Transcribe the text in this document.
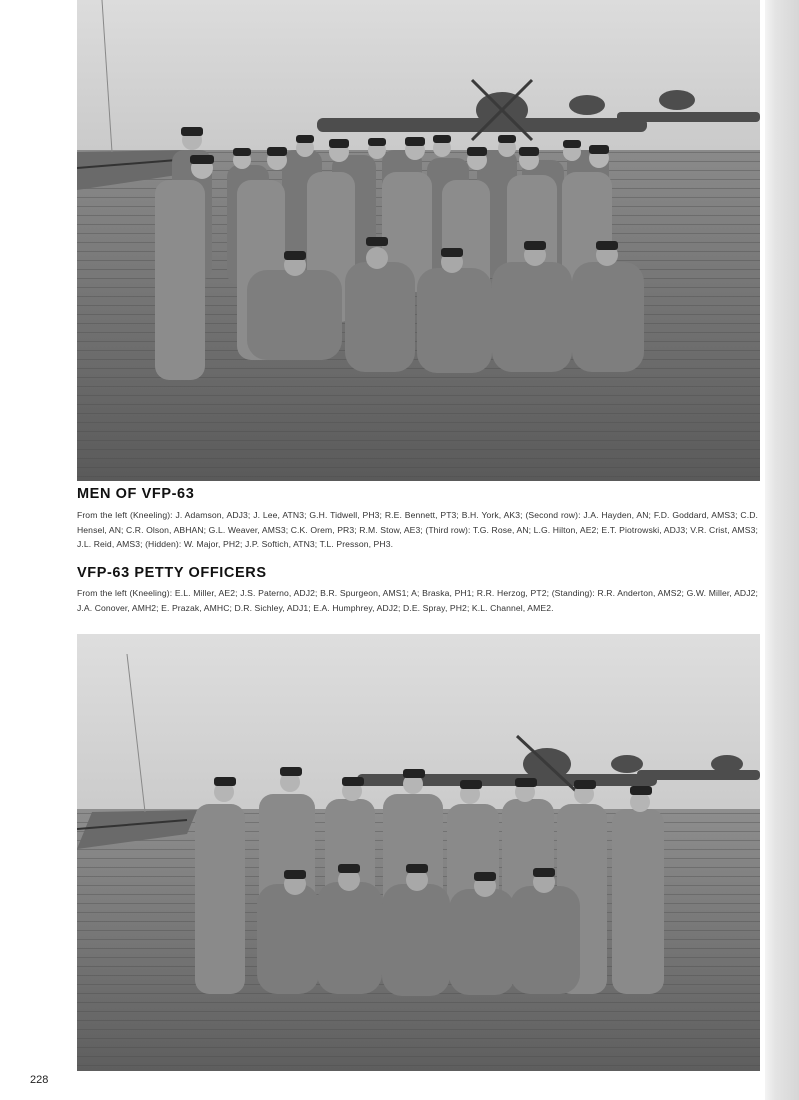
MEN OF VFP-63

From the left (Kneeling): J. Adamson, ADJ3; J. Lee, ATN3; G.H. Tidwell, PH3; R.E. Bennett, PT3; B.H. York, AK3; (Second row): J.A. Hayden, AN; F.D. Goddard, AMS3; C.D. Hensel, AN; C.R. Olson, ABHAN; G.L. Weaver, AMS3; C.K. Orem, PR3; R.M. Stow, AE3; (Third row): T.G. Rose, AN; L.G. Hilton, AE2; E.T. Piotrowski, ADJ3; V.R. Crist, AMS3; J.L. Reid, AMS3; (Hidden): W. Major, PH2; J.P. Softich, ATN3; T.L. Presson, PH3.

VFP-63 PETTY OFFICERS

From the left (Kneeling): E.L. Miller, AE2; J.S. Paterno, ADJ2; B.R. Spurgeon, AMS1; A; Braska, PH1; R.R. Herzog, PT2; (Standing): R.R. Anderton, AMS2; G.W. Miller, ADJ2; J.A. Conover, AMH2; E. Prazak, AMHC; D.R. Sichley, ADJ1; E.A. Humphrey, ADJ2; D.E. Spray, PH2; K.L. Channel, AME2.

228
